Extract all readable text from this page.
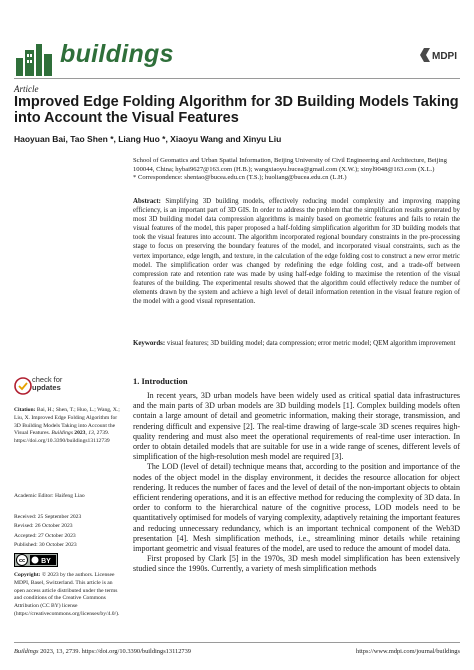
buildings	MDPI
Article
Improved Edge Folding Algorithm for 3D Building Models Taking into Account the Visual Features
Haoyuan Bai, Tao Shen *, Liang Huo *, Xiaoyu Wang and Xinyu Liu
School of Geomatics and Urban Spatial Information, Beijing University of Civil Engineering and Architecture, Beijing 100044, China; hybai9627@163.com (H.B.); wangxiaoyu.bucea@gmail.com (X.W.); xinyl9048@163.com (X.L.)
* Correspondence: shentao@bucea.edu.cn (T.S.); huoliang@bucea.edu.cn (L.H.)
Abstract: Simplifying 3D building models, effectively reducing model complexity and improving mapping efficiency, is an important part of 3D GIS. In order to address the problem that the simplification results generated by most 3D building model data compression algorithms is mainly based on geometric features and fails to retain the visual features of the model, this paper proposed a half-folding simplification algorithm for 3D building models that took the visual features into account. The algorithm incorporated regional boundary constraints in the pre-processing stage to focus on preserving the boundary features of the model, and incorporated visual constraints, such as the vertex importance, edge length, and texture, in the calculation of the edge folding cost to construct a new error metric model. The simplification order was changed by redefining the edge folding cost, and a trade-off between compression rate and retention rate was made by using half-edge folding to maximise the retention of the visual features of the building. The experimental results showed that the algorithm could effectively reduce the number of elements drawn by the system and achieve a high level of detail information retention in the visual feature region of the model with a good visual representation.
Keywords: visual features; 3D building model; data compression; error metric model; QEM algorithm improvement
check for
updates
Citation: Bai, H.; Shen, T.; Huo, L.; Wang, X.; Liu, X. Improved Edge Folding Algorithm for 3D Building Models Taking into Account the Visual Features. Buildings 2023, 13, 2739. https://doi.org/10.3390/buildings13112739
Academic Editor: Haifeng Liao
Received: 25 September 2023
Revised: 26 October 2023
Accepted: 27 October 2023
Published: 30 October 2023
cc BY
Copyright: © 2023 by the authors. Licensee MDPI, Basel, Switzerland. This article is an open access article distributed under the terms and conditions of the Creative Commons Attribution (CC BY) license (https://creativecommons.org/licenses/by/4.0/).
1. Introduction

In recent years, 3D urban models have been widely used as critical spatial data infrastructures and the main parts of 3D urban models are 3D building models [1]. Complex building models often contain a large amount of detail and geometric information, making their storage, transmission, and rendering difficult and expensive [2]. The real-time drawing of large-scale 3D scenes requires high-quality rendering and must also meet the operational requirements of real-time user interaction. In order to obtain detailed models that are suitable for use in a wide range of scenes, different levels of simplification of the high-resolution mesh model are required [3].

The LOD (level of detail) technique means that, according to the position and importance of the nodes of the object model in the display environment, it decides the resource allocation for object rendering. It reduces the number of faces and the level of detail of the non-important objects to obtain efficient rendering operations, and it is an effective method for reducing the complexity of 3D data. In order to conform to the hierarchical nature of the cognitive process, LOD models need to be quantitatively optimised for models of varying complexity, adaptively retaining the important features and reducing unnecessary redundancy, which is an important technical component of the Web3D presentation [4]. Mesh simplification methods, i.e., streamlining minor details while retaining important geometric and visual features of the model, are used to reduce the amount of model data.

First proposed by Clark [5] in the 1970s, 3D mesh model simplification has been extensively studied since the 1990s. Currently, a variety of mesh simplification methods

Buildings 2023, 13, 2739. https://doi.org/10.3390/buildings13112739	https://www.mdpi.com/journal/buildings
